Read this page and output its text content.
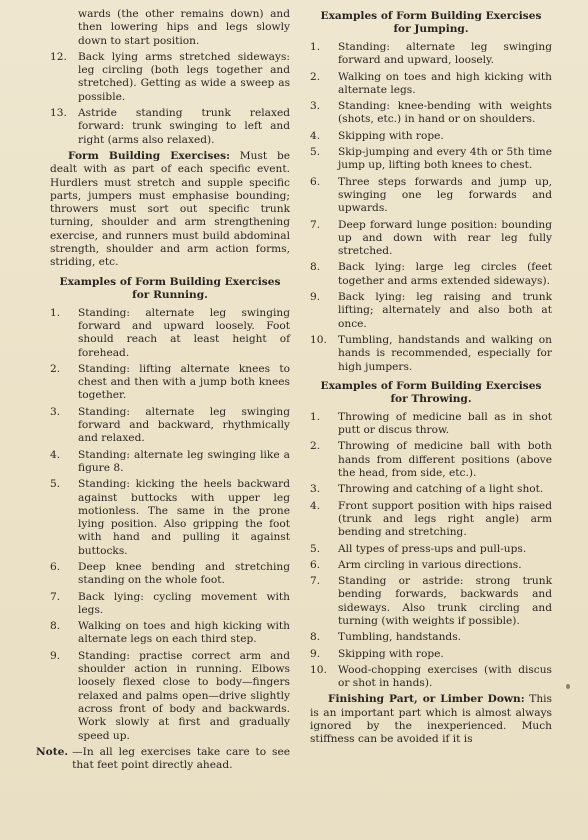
wards (the other remains down) and then lowering hips and legs slowly down to start position.
12.	Back lying arms stretched sideways: leg circling (both legs together and stretched). Getting as wide a sweep as possible.
13.	Astride standing trunk relaxed forward: trunk swinging to left and right (arms also relaxed).
Form Building Exercises: Must be dealt with as part of each specific event. Hurdlers must stretch and supple specific parts, jumpers must emphasise bounding; throwers must sort out specific trunk turning, shoulder and arm strengthening exercise, and runners must build abdominal strength, shoulder and arm action forms, striding, etc.
Examples of Form Building Exercises
for Running.
1.	Standing: alternate leg swinging forward and upward loosely. Foot should reach at least height of forehead.
2.	Standing: lifting alternate knees to chest and then with a jump both knees together.
3.	Standing: alternate leg swinging forward and backward, rhythmically and relaxed.
4.	Standing: alternate leg swinging like a figure 8.
5.	Standing: kicking the heels backward against buttocks with upper leg motionless. The same in the prone lying position. Also gripping the foot with hand and pulling it against buttocks.
6.	Deep knee bending and stretching standing on the whole foot.
7.	Back lying: cycling movement with legs.
8.	Walking on toes and high kicking with alternate legs on each third step.
9.	Standing: practise correct arm and shoulder action in running. Elbows loosely flexed close to body—fingers relaxed and palms open—drive slightly across front of body and backwards. Work slowly at first and gradually speed up.
Note. —In all leg exercises take care to see that feet point directly ahead.
Examples of Form Building Exercises
for Jumping.
1.	Standing: alternate leg swinging forward and upward, loosely.
2.	Walking on toes and high kicking with alternate legs.
3.	Standing: knee-bending with weights (shots, etc.) in hand or on shoulders.
4.	Skipping with rope.
5.	Skip-jumping and every 4th or 5th time jump up, lifting both knees to chest.
6.	Three steps forwards and jump up, swinging one leg forwards and upwards.
7.	Deep forward lunge position: bounding up and down with rear leg fully stretched.
8.	Back lying: large leg circles (feet together and arms extended sideways).
9.	Back lying: leg raising and trunk lifting; alternately and also both at once.
10.	Tumbling, handstands and walking on hands is recommended, especially for high jumpers.
Examples of Form Building Exercises
for Throwing.
1.	Throwing of medicine ball as in shot putt or discus throw.
2.	Throwing of medicine ball with both hands from different positions (above the head, from side, etc.).
3.	Throwing and catching of a light shot.
4.	Front support position with hips raised (trunk and legs right angle) arm bending and stretching.
5.	All types of press-ups and pull-ups.
6.	Arm circling in various directions.
7.	Standing or astride: strong trunk bending forwards, backwards and sideways. Also trunk circling and turning (with weights if possible).
8.	Tumbling, handstands.
9.	Skipping with rope.
10.	Wood-chopping exercises (with discus or shot in hands).
Finishing Part, or Limber Down: This is an important part which is almost always ignored by the inexperienced. Much stiffness can be avoided if it is
